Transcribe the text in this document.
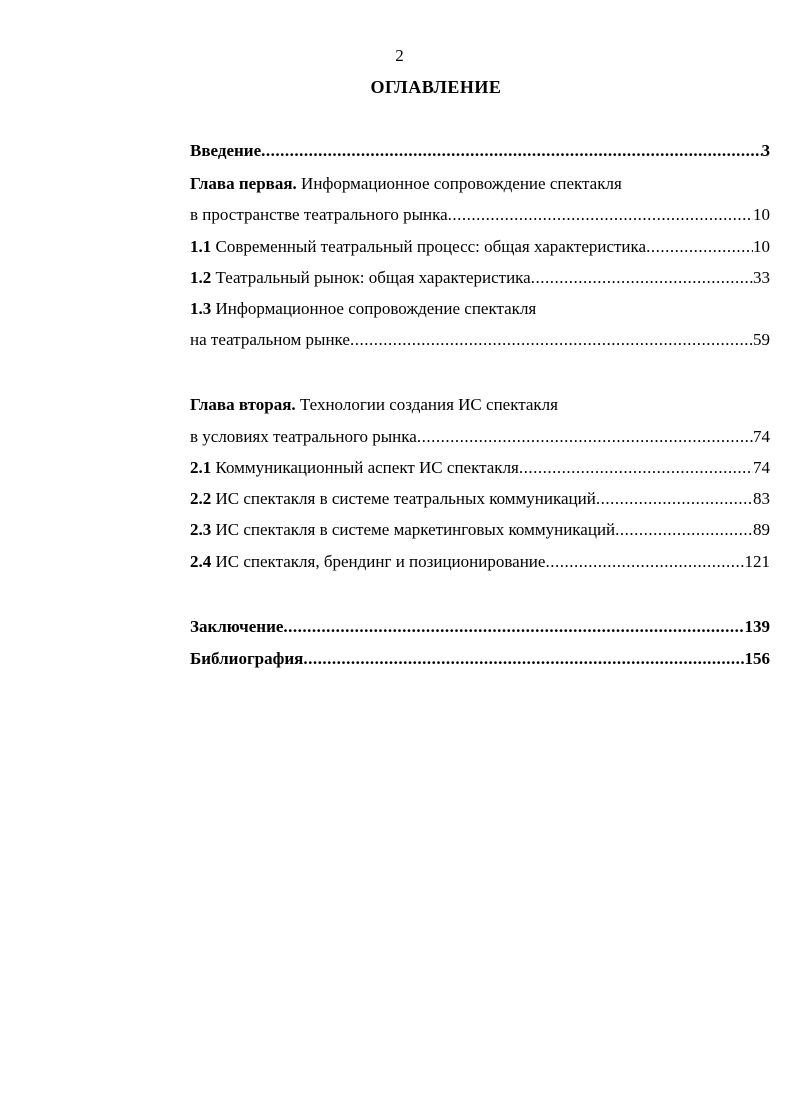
2
ОГЛАВЛЕНИЕ
Введение .....	3
Глава первая. Информационное сопровождение спектакля
в пространстве театрального рынка .....	10
1.1 Современный театральный процесс: общая характеристика .....	10
1.2 Театральный рынок: общая характеристика .....	33
1.3 Информационное сопровождение спектакля
на театральном рынке .....	59
Глава вторая. Технологии создания ИС спектакля
в условиях театрального рынка .....	74
2.1 Коммуникационный аспект ИС спектакля .....	74
2.2 ИС спектакля в системе театральных коммуникаций .....	83
2.3 ИС спектакля в системе маркетинговых коммуникаций .....	89
2.4 ИС спектакля, брендинг и позиционирование .....	121
Заключение .....	139
Библиография .....	156
